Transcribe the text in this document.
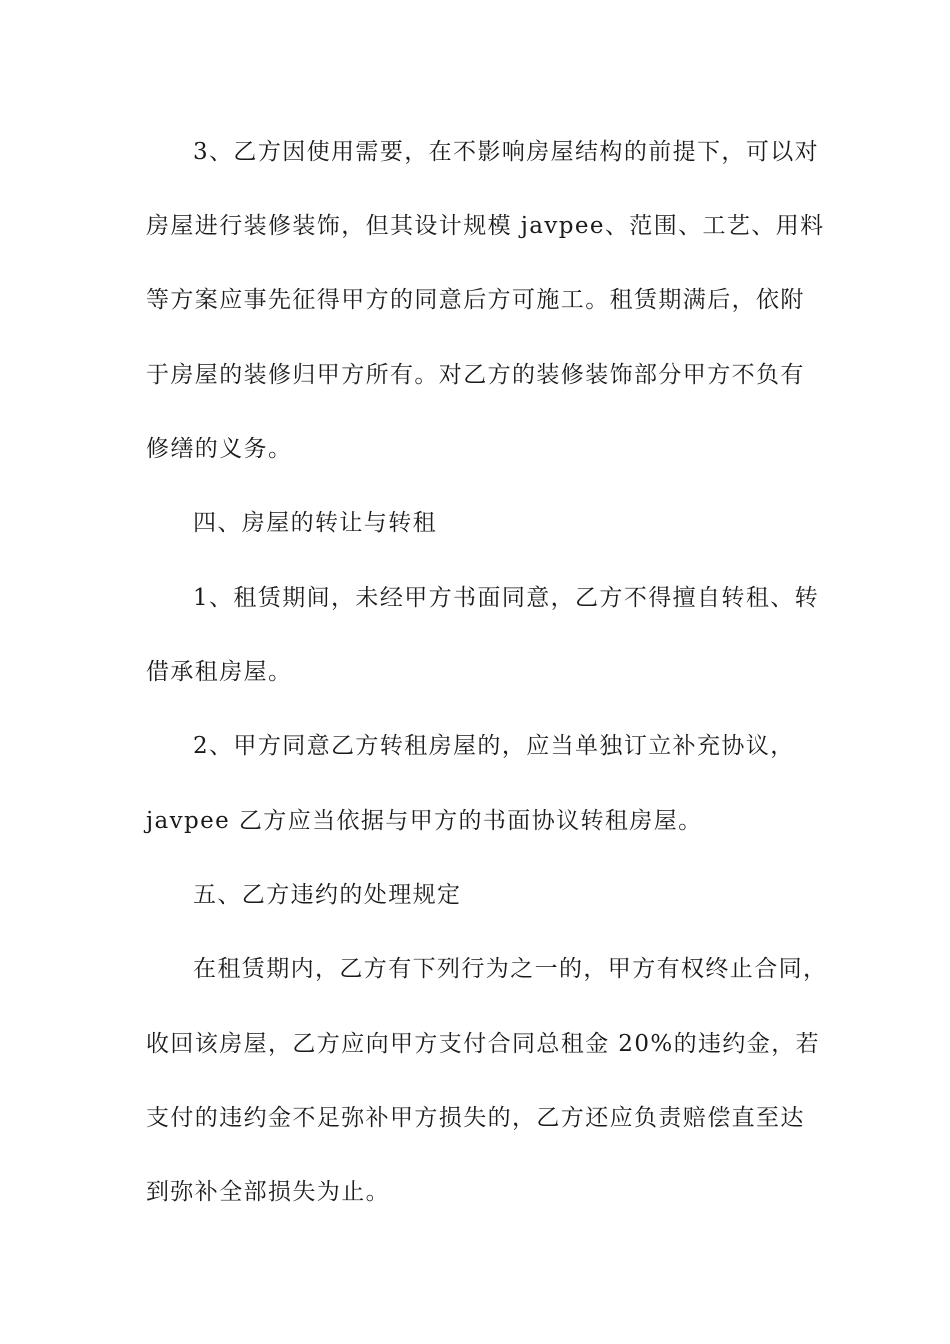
3、乙方因使用需要，在不影响房屋结构的前提下，可以对
房屋进行装修装饰，但其设计规模 javpee、范围、工艺、用料
等方案应事先征得甲方的同意后方可施工。租赁期满后，依附
于房屋的装修归甲方所有。对乙方的装修装饰部分甲方不负有
修缮的义务。
四、房屋的转让与转租
1、租赁期间，未经甲方书面同意，乙方不得擅自转租、转
借承租房屋。
2、甲方同意乙方转租房屋的，应当单独订立补充协议，
javpee 乙方应当依据与甲方的书面协议转租房屋。
五、乙方违约的处理规定
在租赁期内，乙方有下列行为之一的，甲方有权终止合同，
收回该房屋，乙方应向甲方支付合同总租金 20%的违约金，若
支付的违约金不足弥补甲方损失的，乙方还应负责赔偿直至达
到弥补全部损失为止。
